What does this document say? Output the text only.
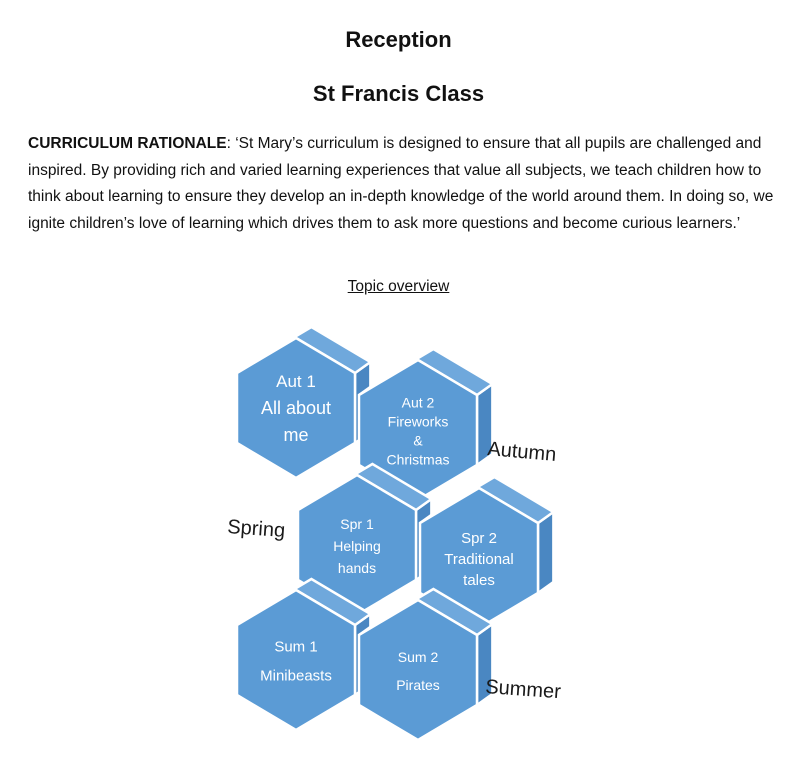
Reception
St Francis Class

CURRICULUM RATIONALE: ‘St Mary’s curriculum is designed to ensure that all pupils are challenged and inspired. By providing rich and varied learning experiences that value all subjects, we teach children how to think about learning to ensure they develop an in-depth knowledge of the world around them. In doing so, we ignite children’s love of learning which drives them to ask more questions and become curious learners.’

Topic overview

Aut 1
All about
me
Aut 2
Fireworks
&
Christmas
Spr 1
Helping
hands
Spr 2
Traditional
tales
Sum 1
Minibeasts
Sum 2
Pirates
Autumn
Spring
Summer
